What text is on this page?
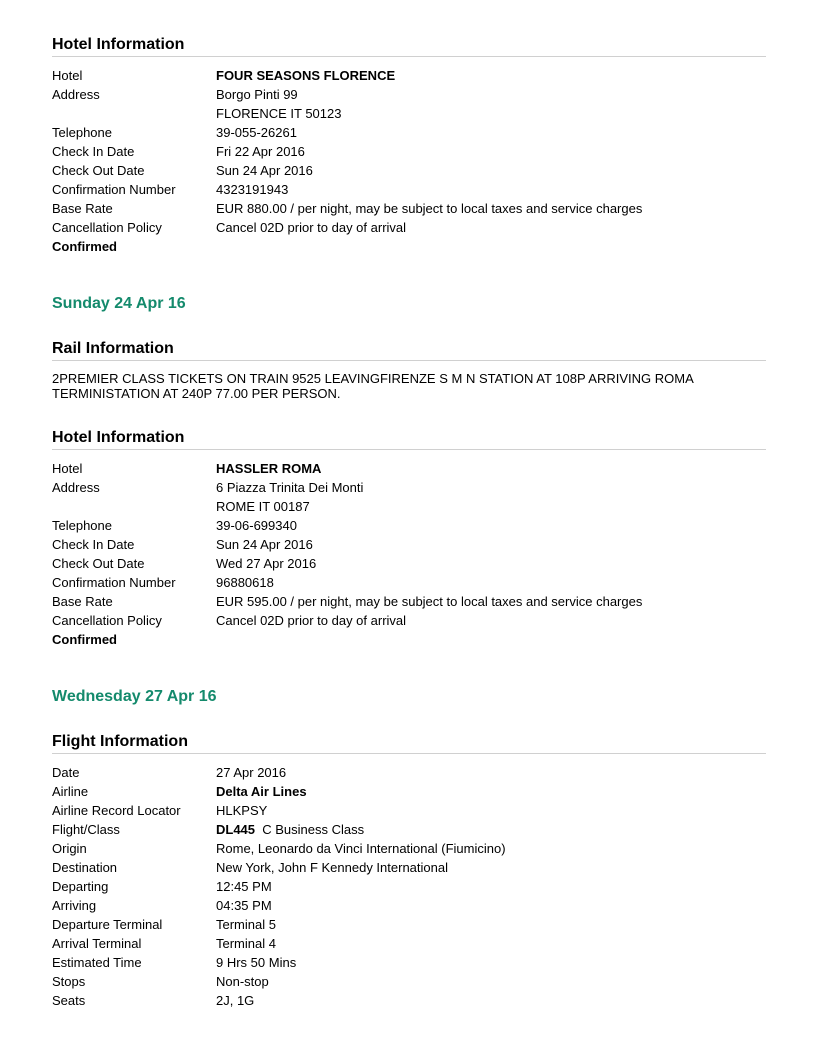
Hotel Information
Hotel	FOUR SEASONS FLORENCE
Address	Borgo Pinti 99
	FLORENCE IT 50123
Telephone	39-055-26261
Check In Date	Fri 22 Apr 2016
Check Out Date	Sun 24 Apr 2016
Confirmation Number	4323191943
Base Rate	EUR 880.00 / per night, may be subject to local taxes and service charges
Cancellation Policy	Cancel 02D prior to day of arrival
Confirmed
Sunday 24 Apr 16
Rail Information
2PREMIER CLASS TICKETS ON TRAIN 9525 LEAVINGFIRENZE S M N STATION AT 108P ARRIVING ROMA TERMINISTATION AT 240P 77.00 PER PERSON.
Hotel Information
Hotel	HASSLER ROMA
Address	6 Piazza Trinita Dei Monti
	ROME IT 00187
Telephone	39-06-699340
Check In Date	Sun 24 Apr 2016
Check Out Date	Wed 27 Apr 2016
Confirmation Number	96880618
Base Rate	EUR 595.00 / per night, may be subject to local taxes and service charges
Cancellation Policy	Cancel 02D prior to day of arrival
Confirmed
Wednesday 27 Apr 16
Flight Information
Date	27 Apr 2016
Airline	Delta Air Lines
Airline Record Locator	HLKPSY
Flight/Class	DL445 C Business Class
Origin	Rome, Leonardo da Vinci International (Fiumicino)
Destination	New York, John F Kennedy International
Departing	12:45 PM
Arriving	04:35 PM
Departure Terminal	Terminal 5
Arrival Terminal	Terminal 4
Estimated Time	9 Hrs 50 Mins
Stops	Non-stop
Seats	2J, 1G
